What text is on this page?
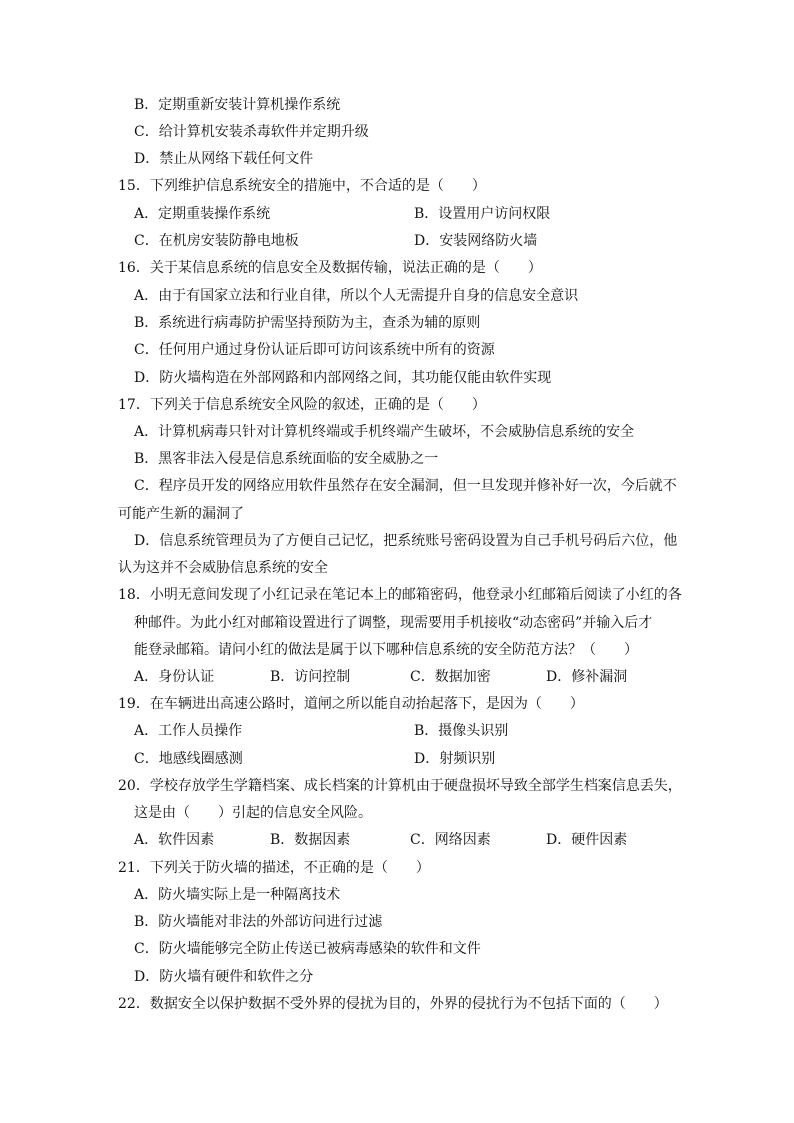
B．定期重新安装计算机操作系统
C．给计算机安装杀毒软件并定期升级
D．禁止从网络下载任何文件
15．下列维护信息系统安全的措施中，不合适的是（　　）
A．定期重装操作系统	B．设置用户访问权限
C．在机房安装防静电地板	D．安装网络防火墙
16．关于某信息系统的信息安全及数据传输，说法正确的是（　　）
A．由于有国家立法和行业自律，所以个人无需提升自身的信息安全意识
B．系统进行病毒防护需坚持预防为主，查杀为辅的原则
C．任何用户通过身份认证后即可访问该系统中所有的资源
D．防火墙构造在外部网路和内部网络之间，其功能仅能由软件实现
17．下列关于信息系统安全风险的叙述，正确的是（　　）
A．计算机病毒只针对计算机终端或手机终端产生破坏，不会威胁信息系统的安全
B．黑客非法入侵是信息系统面临的安全威胁之一
C．程序员开发的网络应用软件虽然存在安全漏洞，但一旦发现并修补好一次，今后就不
可能产生新的漏洞了
D．信息系统管理员为了方便自己记忆，把系统账号密码设置为自己手机号码后六位，他
认为这并不会威胁信息系统的安全
18．小明无意间发现了小红记录在笔记本上的邮箱密码，他登录小红邮箱后阅读了小红的各
种邮件。为此小红对邮箱设置进行了调整，现需要用手机接收“动态密码”并输入后才
能登录邮箱。请问小红的做法是属于以下哪种信息系统的安全防范方法？（　　）
A．身份认证	B．访问控制	C．数据加密	D．修补漏洞
19．在车辆进出高速公路时，道闸之所以能自动抬起落下，是因为（　　）
A．工作人员操作	B．摄像头识别
C．地感线圈感测	D．射频识别
20．学校存放学生学籍档案、成长档案的计算机由于硬盘损坏导致全部学生档案信息丢失，
这是由（　　）引起的信息安全风险。
A．软件因素	B．数据因素	C．网络因素	D．硬件因素
21．下列关于防火墙的描述，不正确的是（　　）
A．防火墙实际上是一种隔离技术
B．防火墙能对非法的外部访问进行过滤
C．防火墙能够完全防止传送已被病毒感染的软件和文件
D．防火墙有硬件和软件之分
22．数据安全以保护数据不受外界的侵扰为目的，外界的侵扰行为不包括下面的（　　）
